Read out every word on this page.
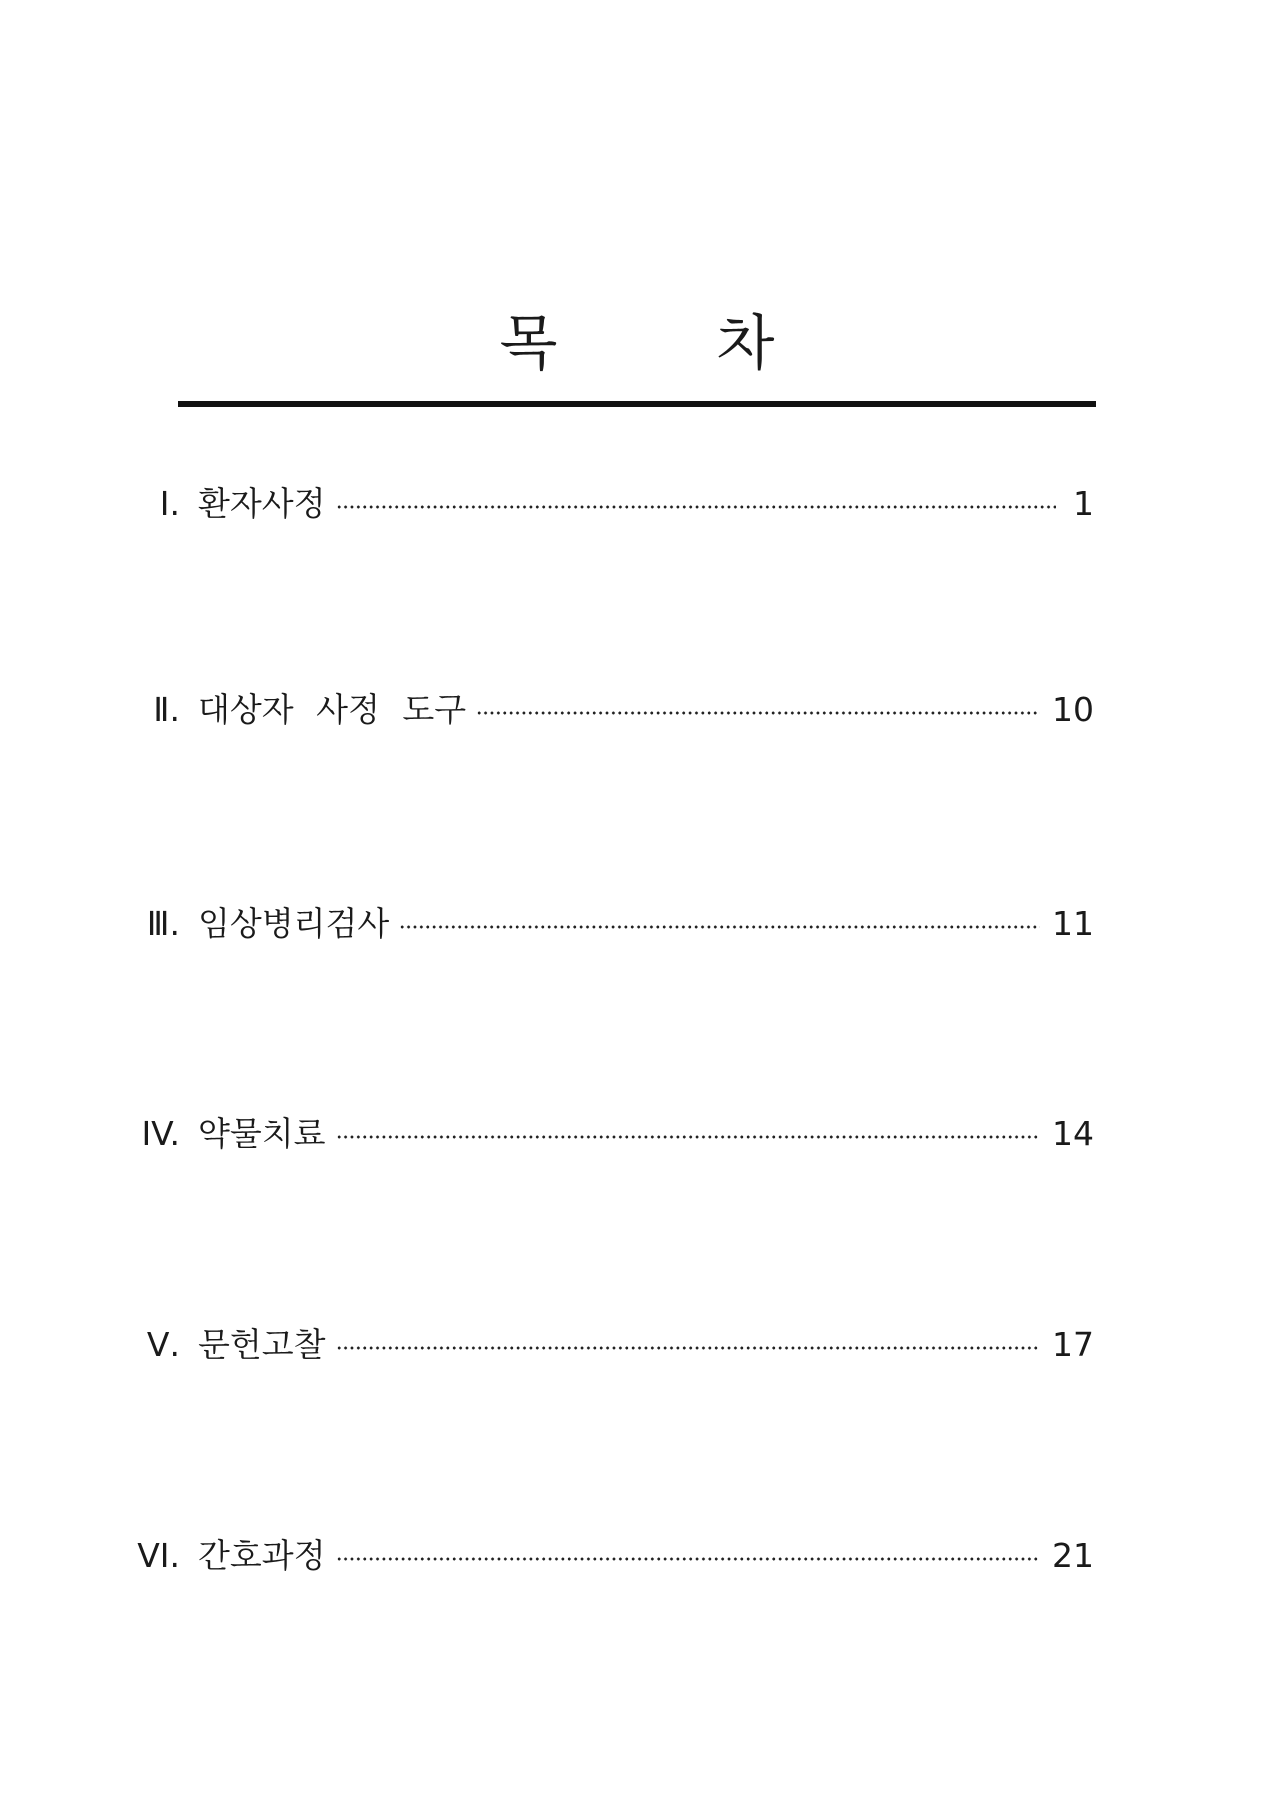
목 차
Ⅰ. 환자사정	1
Ⅱ. 대상자 사정 도구	10
Ⅲ. 임상병리검사	11
IV. 약물치료	14
Ⅴ. 문헌고찰	17
VI. 간호과정	21
